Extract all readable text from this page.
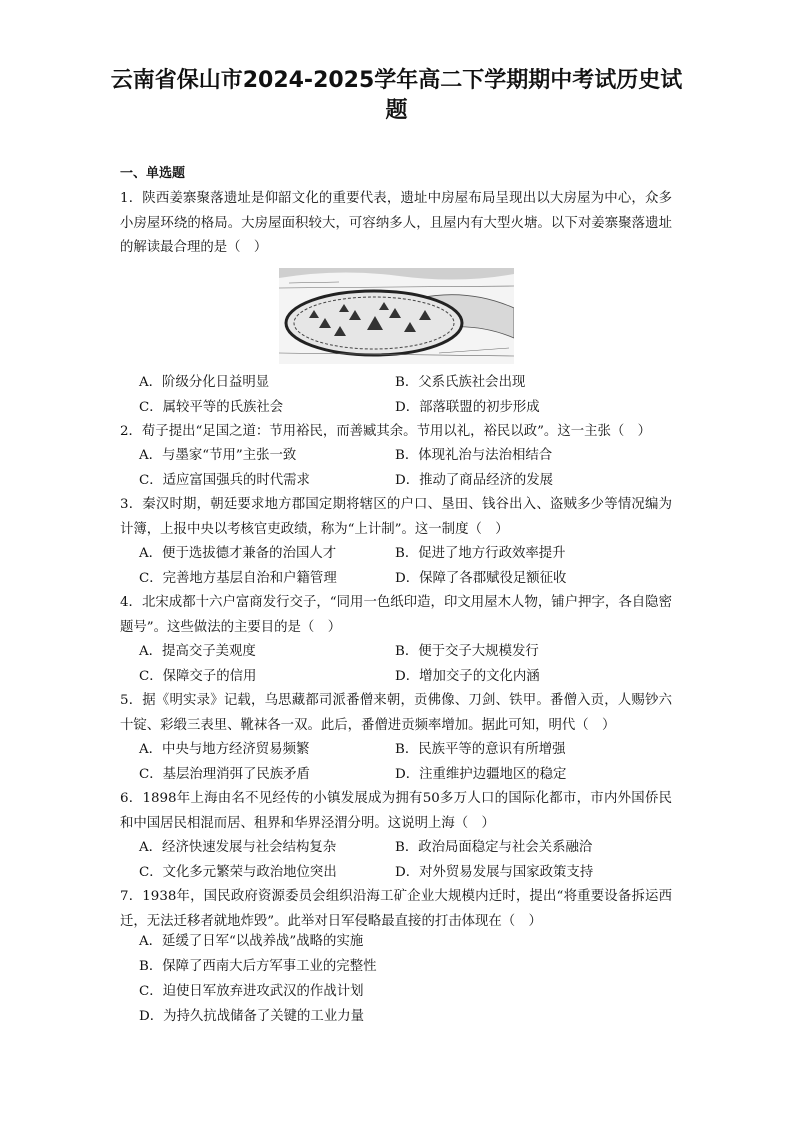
云南省保山市2024-2025学年高二下学期期中考试历史试
题
一、单选题
1．陕西姜寨聚落遗址是仰韶文化的重要代表，遗址中房屋布局呈现出以大房屋为中心，众多小房屋环绕的格局。大房屋面积较大，可容纳多人，且屋内有大型火塘。以下对姜寨聚落遗址的解读最合理的是（　）
A．阶级分化日益明显	B．父系氏族社会出现
C．属较平等的氏族社会	D．部落联盟的初步形成
2．荀子提出“足国之道：节用裕民，而善臧其余。节用以礼，裕民以政”。这一主张（　）
A．与墨家“节用”主张一致	B．体现礼治与法治相结合
C．适应富国强兵的时代需求	D．推动了商品经济的发展
3．秦汉时期，朝廷要求地方郡国定期将辖区的户口、垦田、钱谷出入、盗贼多少等情况编为计簿，上报中央以考核官吏政绩，称为“上计制”。这一制度（　）
A．便于选拔德才兼备的治国人才	B．促进了地方行政效率提升
C．完善地方基层自治和户籍管理	D．保障了各郡赋役足额征收
4．北宋成都十六户富商发行交子，“同用一色纸印造，印文用屋木人物，铺户押字，各自隐密题号”。这些做法的主要目的是（　）
A．提高交子美观度	B．便于交子大规模发行
C．保障交子的信用	D．增加交子的文化内涵
5．据《明实录》记载，乌思藏都司派番僧来朝，贡佛像、刀剑、铁甲。番僧入贡，人赐钞六十锭、彩缎三表里、靴袜各一双。此后，番僧进贡频率增加。据此可知，明代（　）
A．中央与地方经济贸易频繁	B．民族平等的意识有所增强
C．基层治理消弭了民族矛盾	D．注重维护边疆地区的稳定
6．1898年上海由名不见经传的小镇发展成为拥有50多万人口的国际化都市，市内外国侨民和中国居民相混而居、租界和华界泾渭分明。这说明上海（　）
A．经济快速发展与社会结构复杂	B．政治局面稳定与社会关系融洽
C．文化多元繁荣与政治地位突出	D．对外贸易发展与国家政策支持
7．1938年，国民政府资源委员会组织沿海工矿企业大规模内迁时，提出“将重要设备拆运西迁，无法迁移者就地炸毁”。此举对日军侵略最直接的打击体现在（　）
A．延缓了日军“以战养战”战略的实施
B．保障了西南大后方军事工业的完整性
C．迫使日军放弃进攻武汉的作战计划
D．为持久抗战储备了关键的工业力量
